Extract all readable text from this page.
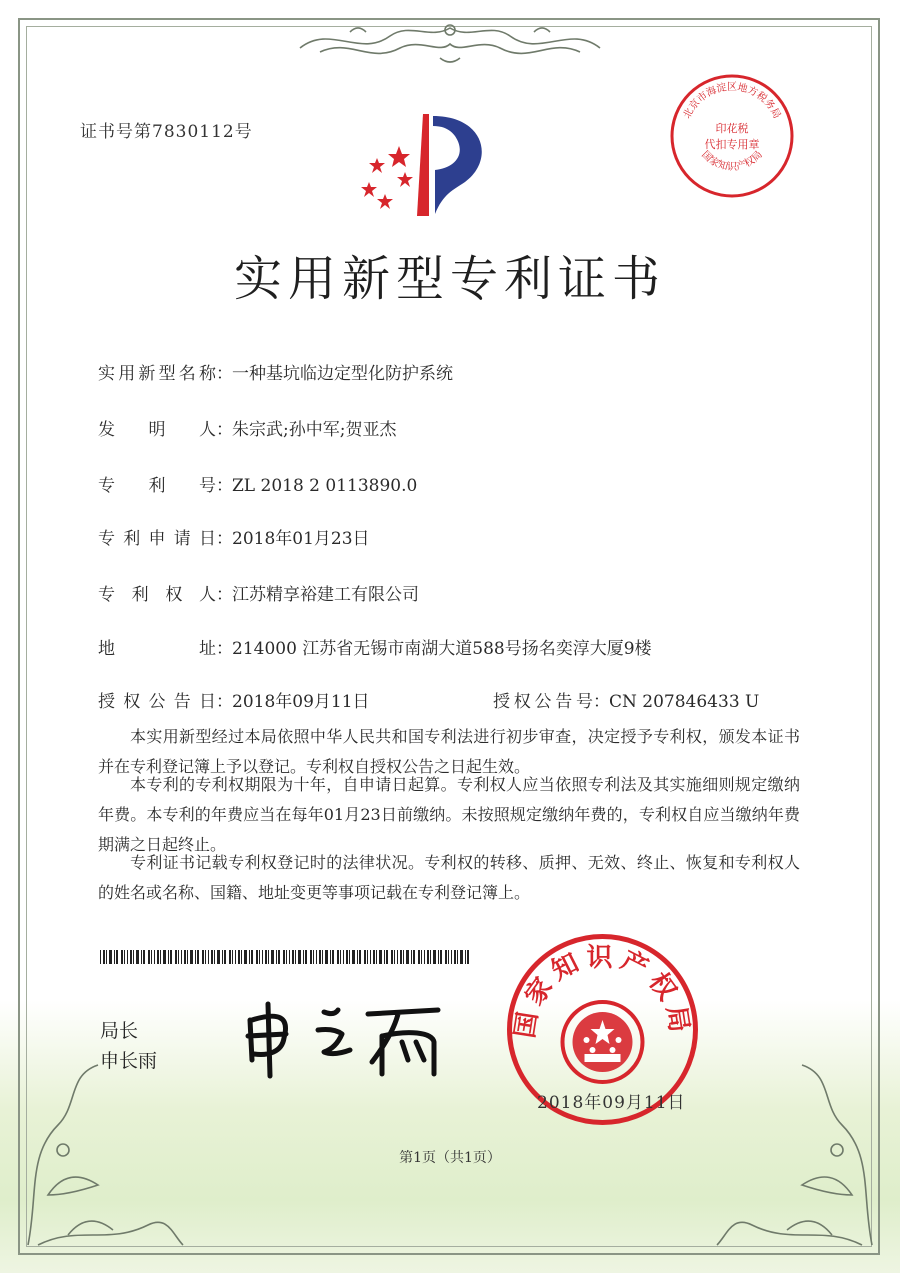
证书号第7830112号
北京市海淀区地方税务局
印花税
代扣专用章
国家知识产权局
实用新型专利证书
实用新型名称：一种基坑临边定型化防护系统
发明人：朱宗武;孙中军;贺亚杰
专利号：ZL 2018 2 0113890.0
专利申请日：2018年01月23日
专利权人：江苏精享裕建工有限公司
地址：214000 江苏省无锡市南湖大道588号扬名奕淳大厦9楼
授权公告日：2018年09月11日	授权公告号：CN 207846433 U
本实用新型经过本局依照中华人民共和国专利法进行初步审查，决定授予专利权，颁发本证书并在专利登记簿上予以登记。专利权自授权公告之日起生效。
本专利的专利权期限为十年，自申请日起算。专利权人应当依照专利法及其实施细则规定缴纳年费。本专利的年费应当在每年01月23日前缴纳。未按照规定缴纳年费的，专利权自应当缴纳年费期满之日起终止。
专利证书记载专利权登记时的法律状况。专利权的转移、质押、无效、终止、恢复和专利权人的姓名或名称、国籍、地址变更等事项记载在专利登记簿上。
局长
申长雨
国家知识产权局
2018年09月11日
第1页（共1页）
